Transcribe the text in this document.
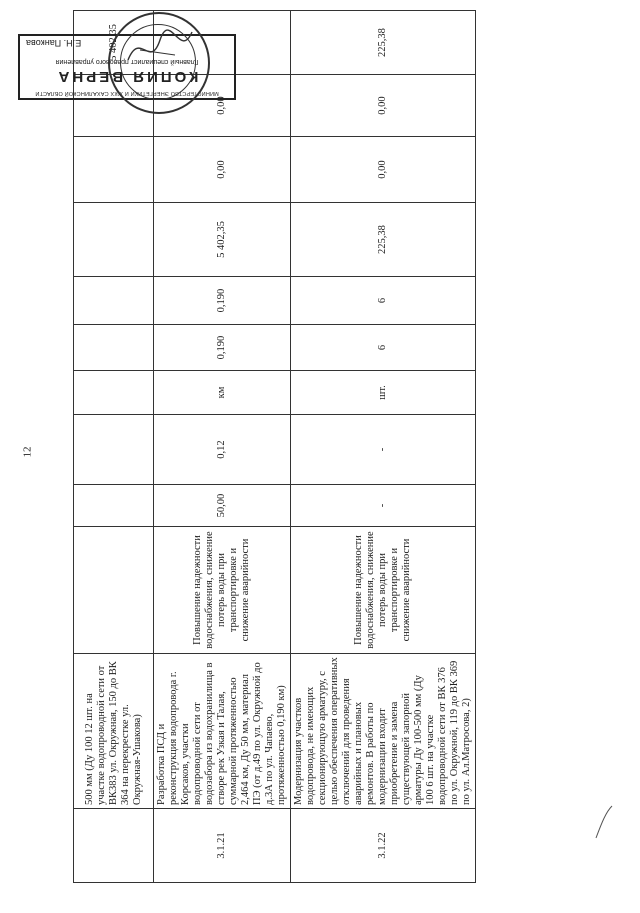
12
	500 мм (Ду 100 12 шт. на участке водопроводной сети от ВК383 ул. Окружная, 150 до ВК 364 на перекрестке ул. Окружная-Ушакова)										5 402,35
3.1.21	Разработка ПСД и реконструкция водопровода г. Корсаков, участки водопроводной сети от водозабора из водохранилища в створе рек Узкая и Талая, суммарной протяженностью 2,464 км, Ду 50 мм, материал ПЭ (от д.49 по ул. Окружной до д.3А по ул. Чапаево, протяженностью 0,190 км)	Повышение надежности водоснабжения, снижение потерь воды при транспортировке и снижение аварийности	50,00	0,12	км	0,190	0,190	5 402,35	0,00	0,00	
3.1.22	Модернизация участков водопровода, не имеющих секционирующую арматуру, с целью обеспечения оперативных отключений для проведения аварийных и плановых ремонтов. В работы по модернизации входит приобретение и замена существующей запорной арматуры Ду 100-500 мм (Ду 100 6 шт. на участке водопроводной сети от ВК 376 по ул. Окружной, 119 до ВК 369 по ул. Ал.Матросова, 2)	Повышение надежности водоснабжения, снижение потерь воды при транспортировке и снижение аварийности	-	-	шт.	6	6	225,38	0,00	0,00	225,38
МИНИСТЕРСТВО ЭНЕРГЕТИКИ И ЖКХ САХАЛИНСКОЙ ОБЛАСТИ
КОПИЯ ВЕРНА
Главный специалист правового управления
Е.Н. Панкова
